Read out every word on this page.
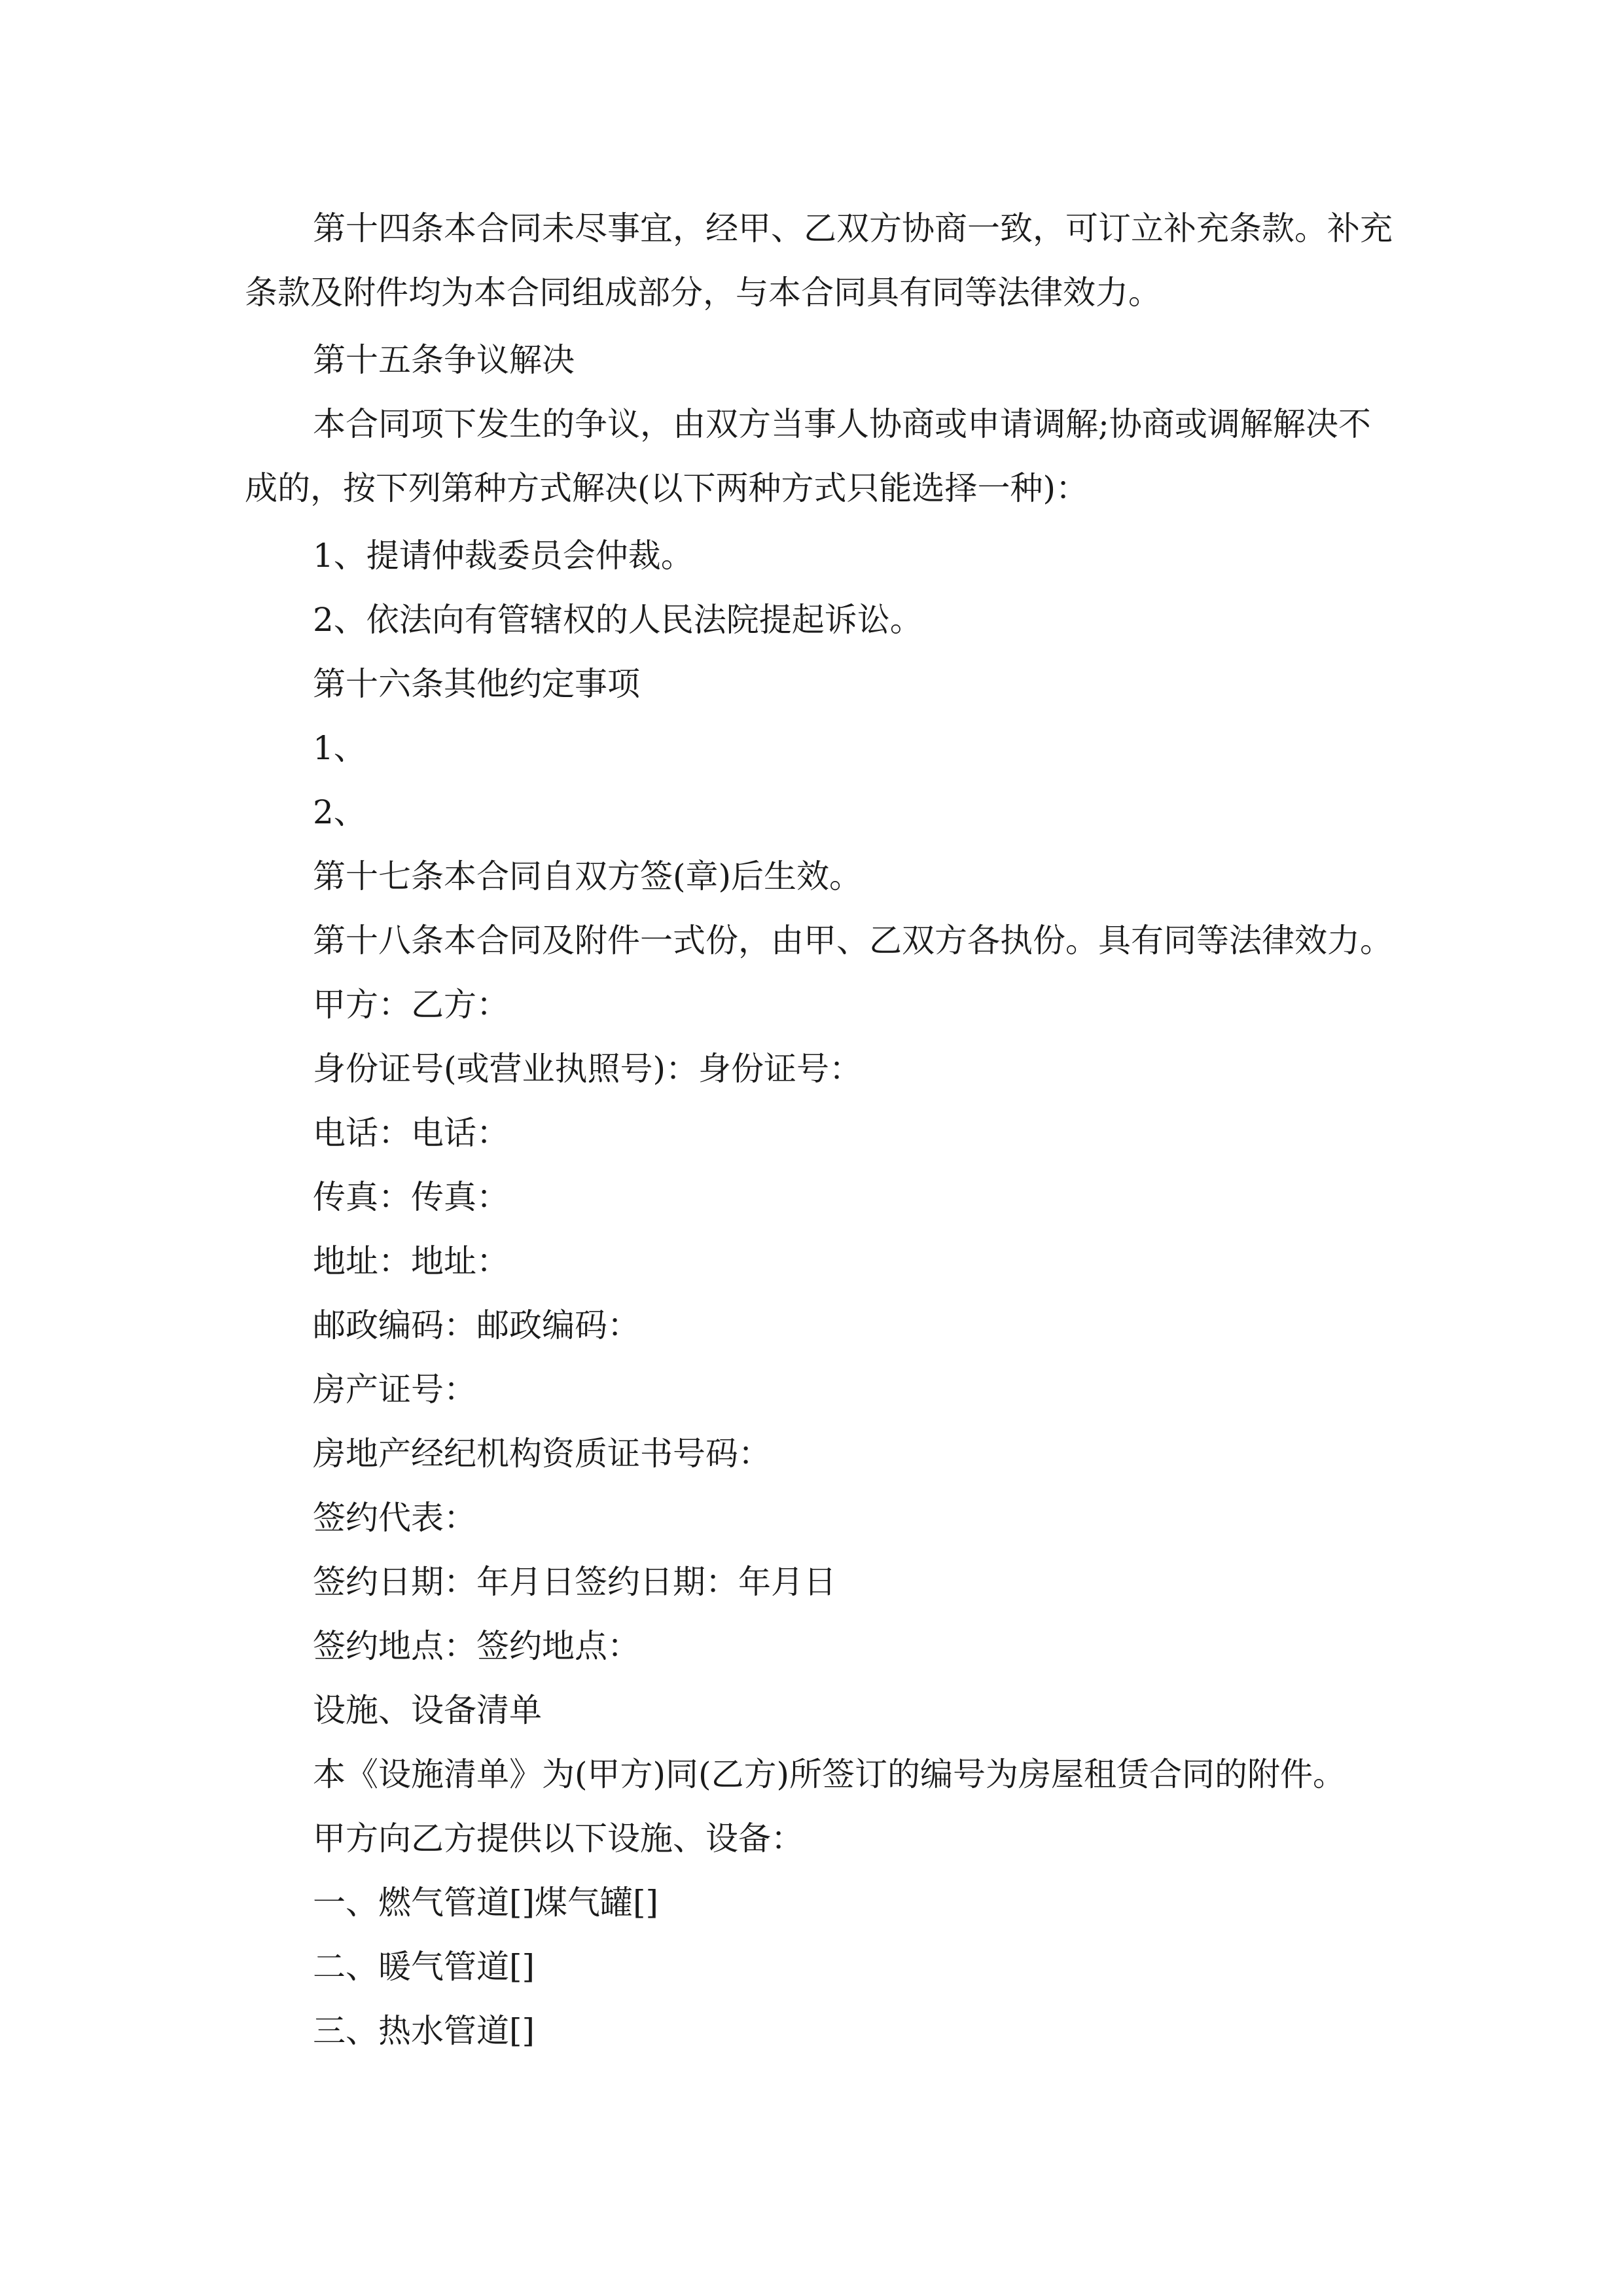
第十四条本合同未尽事宜，经甲、乙双方协商一致，可订立补充条款。补充条款及附件均为本合同组成部分，与本合同具有同等法律效力。

第十五条争议解决

本合同项下发生的争议，由双方当事人协商或申请调解;协商或调解解决不成的，按下列第种方式解决(以下两种方式只能选择一种)：

1、提请仲裁委员会仲裁。

2、依法向有管辖权的人民法院提起诉讼。

第十六条其他约定事项

1、

2、

第十七条本合同自双方签(章)后生效。

第十八条本合同及附件一式份，由甲、乙双方各执份。具有同等法律效力。

甲方：乙方：

身份证号(或营业执照号)：身份证号：

电话：电话：

传真：传真：

地址：地址：

邮政编码：邮政编码：

房产证号：

房地产经纪机构资质证书号码：

签约代表：

签约日期：年月日签约日期：年月日

签约地点：签约地点：

设施、设备清单

本《设施清单》为(甲方)同(乙方)所签订的编号为房屋租赁合同的附件。

甲方向乙方提供以下设施、设备：

一、燃气管道[]煤气罐[]

二、暖气管道[]

三、热水管道[]
